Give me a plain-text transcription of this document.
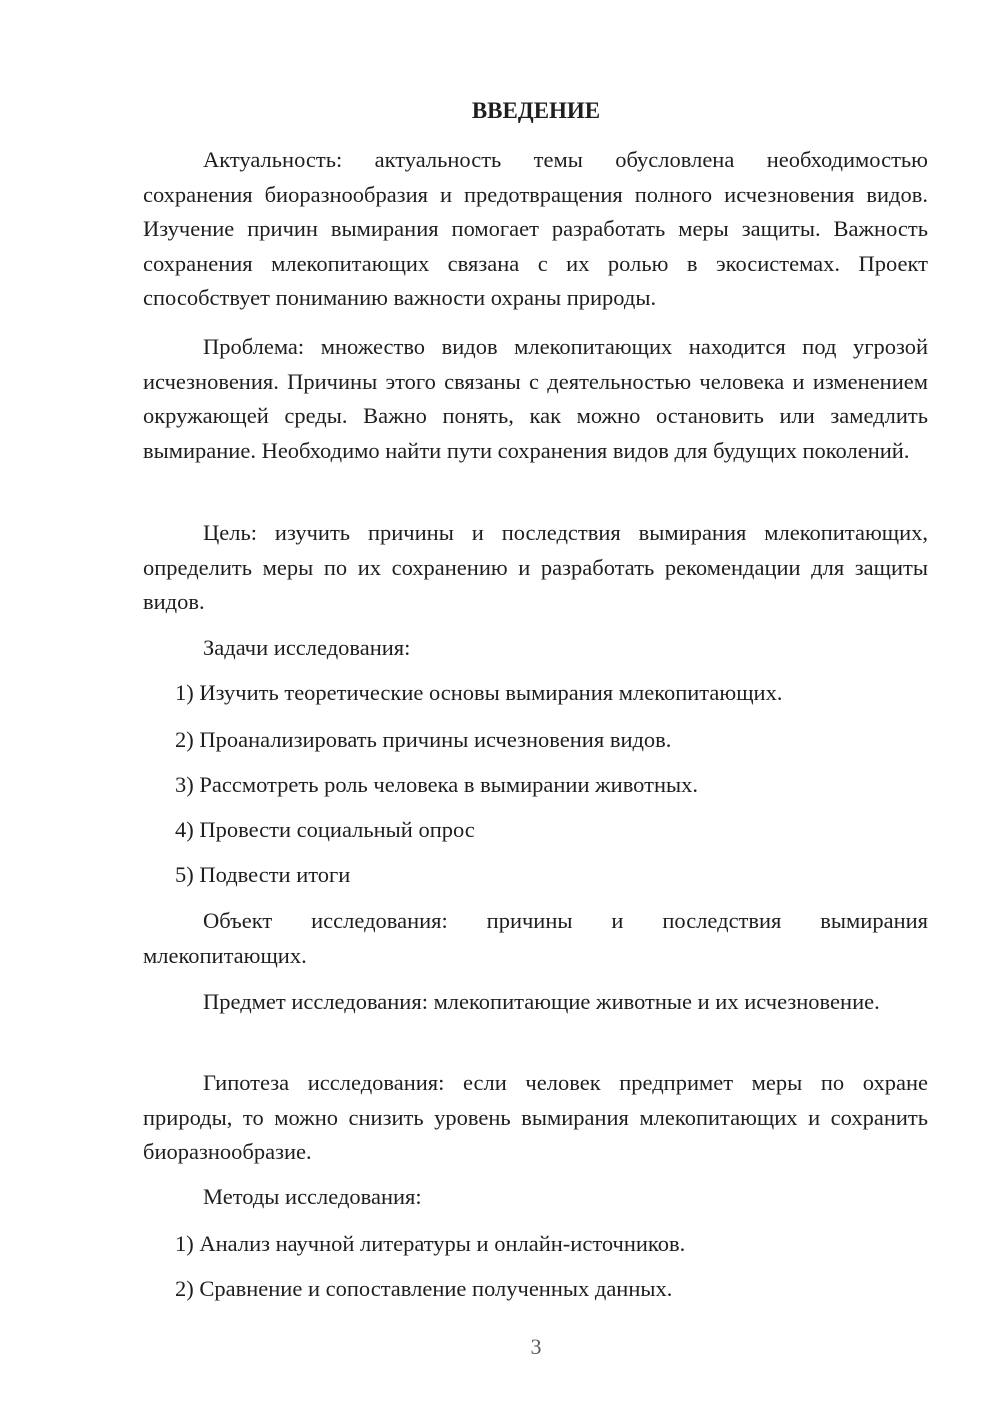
ВВЕДЕНИЕ

Актуальность: актуальность темы обусловлена необходимостью сохранения биоразнообразия и предотвращения полного исчезновения видов. Изучение причин вымирания помогает разработать меры защиты. Важность сохранения млекопитающих связана с их ролью в экосистемах. Проект способствует пониманию важности охраны природы.

Проблема: множество видов млекопитающих находится под угрозой исчезновения. Причины этого связаны с деятельностью человека и изменением окружающей среды. Важно понять, как можно остановить или замедлить вымирание. Необходимо найти пути сохранения видов для будущих поколений.

Цель: изучить причины и последствия вымирания млекопитающих, определить меры по их сохранению и разработать рекомендации для защиты видов.

Задачи исследования:

1) Изучить теоретические основы вымирания млекопитающих.

2) Проанализировать причины исчезновения видов.

3) Рассмотреть роль человека в вымирании животных.

4) Провести социальный опрос

5) Подвести итоги

Объект исследования: причины и последствия вымирания млекопитающих.

Предмет исследования: млекопитающие животные и их исчезновение.

Гипотеза исследования: если человек предпримет меры по охране природы, то можно снизить уровень вымирания млекопитающих и сохранить биоразнообразие.

Методы исследования:

1) Анализ научной литературы и онлайн-источников.

2) Сравнение и сопоставление полученных данных.

3
